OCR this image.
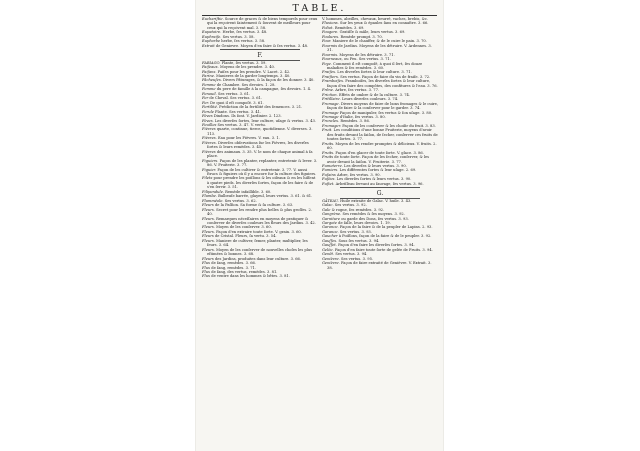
TABLE.

Euchariſtie. Source de graces & de biens temporels pour ceux qui la reçoivent ſaintement & ſouvent de meilleurs pour ceux qui la reçoivent mal. 3. 58.

Eupatoire. Herbe, ſes vertus. 3. 48.

Euphraiſe. Ses vertus. 3. 58.

Euphorbe herbe, ſes vertus. 3. 58.

Extrait de Genievre. Moyen d'en faire & ſes vertus. 3. 48.

F.

FABIAGO. Plante, ſes vertus. 3. 59.

Faiſeaux. Moyens de les prendre. 3. 40.

Faiſans. Faiſes pour les prendre. V. Lacet. 2. 42.

Farine. Manieres de la garder longtemps. 3. 40.

Fâcheuſes. Divers Pâturages, & la façon de les donner. 3. 40.

Femme de Chambre. Ses devoirs. 1. 28.

Femme du pere de famille à la campagne, ſes devoirs. 1. 4.

Fenouil. Ses vertus. 3. 61.

Fer de Cheval. Ses vertus. 3. 61.

Fer. De quoi il eſt compoſé. 3. 61.

Fertilité. Prédiction de la fertilité des ſemences. 3. 21.

Ferule Plante. Ses vertus. 3. 41.

Fèves Dindons. Ils ſont. V. Jardinier. 2. 123.

Fèves. Les diverſes ſortes, leur culture, uſage & vertus. 3. 43.

Feuilles Ses vertus. 3. 47. V. vertu.

Fièvres quarte, continue, tierce, quotidienne. V. diverses. 3. 113.

Fièvres. Eau pour les Fièvres. V. eau. 3. 1.

Fièvres. Diverſes obſervations ſur les Fièvres, les diverſes ſortes & leurs remèdes. 3. 45.

Fièvres des animaux. 3. 35. V. le nom de chaque animal à ſa place.

Figuiers. Façon de les planter, replanter, entretenir & lever. 3. 86. V. Fruiterie. 3. 77.

Figuier. Façon de les cultiver & entretenir. 3. 77. V. aussi ſtrucs & figuiers où il y a encore ſur la culture des figuiers.

Filets pour prendre les poiſſons & les oiſeaux & en les hiſſent à quatre pieds. les diverſes ſortes, façon de les faire & de s'en ſervir. 3. 51.

Filipendule. Remède infaillible. 3. 60.

Flambe. Bulbeuſe barrée, glayeul, leurs vertus. 3. 61. & 61.

Flamméole. Ses vertus. 3. 62.

Fleurs de la Paſſion. Sa forme & ſa culture. 3. 63.

Fleurs. Secret pour les rendre plus belles & plus groſſes. 2. 40.

Fleurs. Remarques néceſſaires en moyens de pratiquer & conſerver de diverſes couleurs les fleurs des Jardins. 3. 42.

Fleurs. Moyen de les conſerver. 3. 60.

Fleurs. Façon d'en extraire toute ſorte. V. grain. 3. 60.

Fleurs de Cristal. Fleurs, ſa vertu. 3. 54.

Fleurs. Maniere de cultiver, ſemer, planter, multiplier, les ſeurs. 3. 64.

Fleurs. Moyen de les conſerver de nouvelles choſes les plus eſtimées & bonnes. 3. 68.

Fleurs des Jardins, produites dans leur culture. 3. 66.

Flux de ſang, remèdes. 3. 66.

Flux de ſang, remèdes. 3. 71.

Flux de ſang, des vertus, remèdes. 3. 81.

Flux de ventre dans les hommes & bêtes. 3. 81.

V. hommes, abeilles, chevaux, beurré, vaches, brebis, &c.

Fluxions. Sur les yeux & épaules ſans en connaître. 3. 66.

Foliot. Remèdes. 3. 69.

Fougere. Gratiſſe & mâle, leurs vertus. 3. 69.

Foulures. Remède prompt. 3. 70.

Four. Maniere de le chauffer, & de le cuire le pain. 3. 70.

Fourmis de Jardins. Moyens de les détruire. V. Ardennes. 3. 31.

Fourmis. Moyens de les détruire. 3. 71.

Fourneaux, ou Feu. Ses vertus. 3. 71.

Foye. Comment il eſt compoſé, à quoi il ſert, ſes douze maladies & ſes remèdes. 3. 60.

Fraiſes. Les diverſes ſortes & leur culture. 3. 71.

Fraiſiers. Ses vertus. Façon de faire du vin de fraiſe. 3. 72.

Framboiſes. Framboiſes, les diverſes ſortes & leur culture, façon d'en faire des compôtes, des confitures & l'eau. 3. 76.

Frêne. Arbre, ſes vertus. 3. 77.

Friction. Effets de ombre & de la culture. 3. 74.

Fritillaire. Leurs diverſes couleurs. 3. 74.

Fromage. Divers moyens de faire de bons fromages & le cuire, façon de faire & la conſerver pour le garder. 3. 74.

Fromage Façon de manipuler, ſes vertus & ſon uſage. 3. 80.

Fromage d'Italie, ſes vertus. 3. 80.

Froncles. Remèdes. 3. 86.

Fromager. Façon de les conſerver & les choiſir du fruit. 3. 83.

Fruit. Les conditions d'une bonne Fruiterie, moyens d'avoir des fruits devant la ſaiſon, de ſecher, conſerver ces fruits de toutes ſortes. 3. 77.

Fruits. Moyen de les rendre promptes & délicieux. V. fruits. 2. 60.

Fruits. Façon d'en glacer de toute ſorte. V. glace. 3. 86.

Fruits de toute ſorte. Façon de les ſecher, conſerver, & les avoir devant la ſaiſon. V. Fruiterie. 3. 77.

Fumeterre. Les diverſes & leurs vertus. 3. 90.

Fumiers. Les différentes ſortes & leur uſage. 2. 69.

Fuſains Arbre, ſes vertus. 3. 90.

Fuſées. Les diverſes ſortes & leurs vertus. 3. 90.

Fuſtet. Arbriſſeau ſervant au ſauvage, ſes vertus. 3. 96.

G.

GÂTEAU. Huile extraite de Galac. V. huile. 3. 43.

Galac. Ses vertus. 3. 92.

Gale & rogne, ſes remèdes. 3. 92.

Gangrène. Ses remèdes & ſes moyens. 3. 92.

Garniture ou garde des Dons, ſes vertus. 3. 93.

Gargote de ſalle, leurs devoirs. 1. 19.

Garonce. Façon de la faire & de la peupler de Lapins. 2. 93.

Garance. Ses vertus. 3. 93.

Gaucher à Poiſſons, façon de la faire & de le peupler. 3. 92.

Gauſſes. Sous ſes vertus. 3. 94.

Gauſſet. Façon d'en faire les diverſes ſortes. 3. 94.

Gelée. Façon d'en faire toute ſorte de gelée de Fruits. 3. 94.

Genêt. Ses vertus. 3. 94.

Genièvre. Ses vertus. 3. 95.

Genièvre. Façon de faire extraité de Genièvre. V. Extrait. 3. 38.
